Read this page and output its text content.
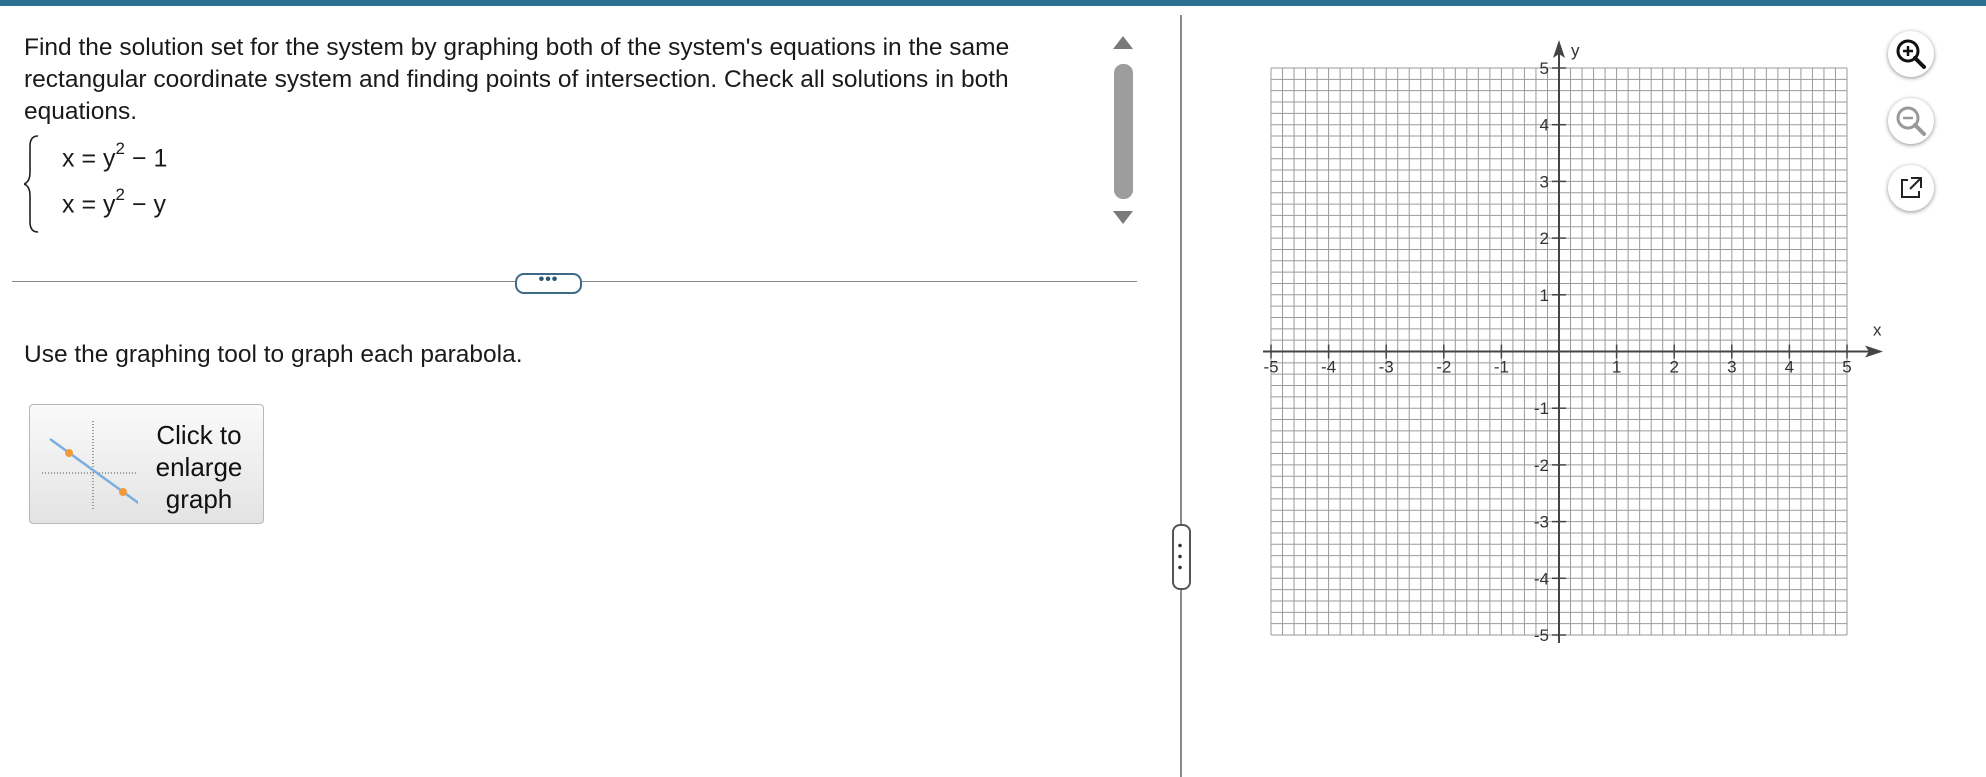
Find the solution set for the system by graphing both of the system's equations in the same rectangular coordinate system and finding points of intersection. Check all solutions in both equations.
$x = y^2 - 1$
$x = y^2 - y$
•••
Use the graphing tool to graph each parabola.
Click to enlarge graph
x
y
-5 -4 -3 -2 -1	1	2	3	4	5
5
4
3
2
1
-1
-2
-3
-4
-5
